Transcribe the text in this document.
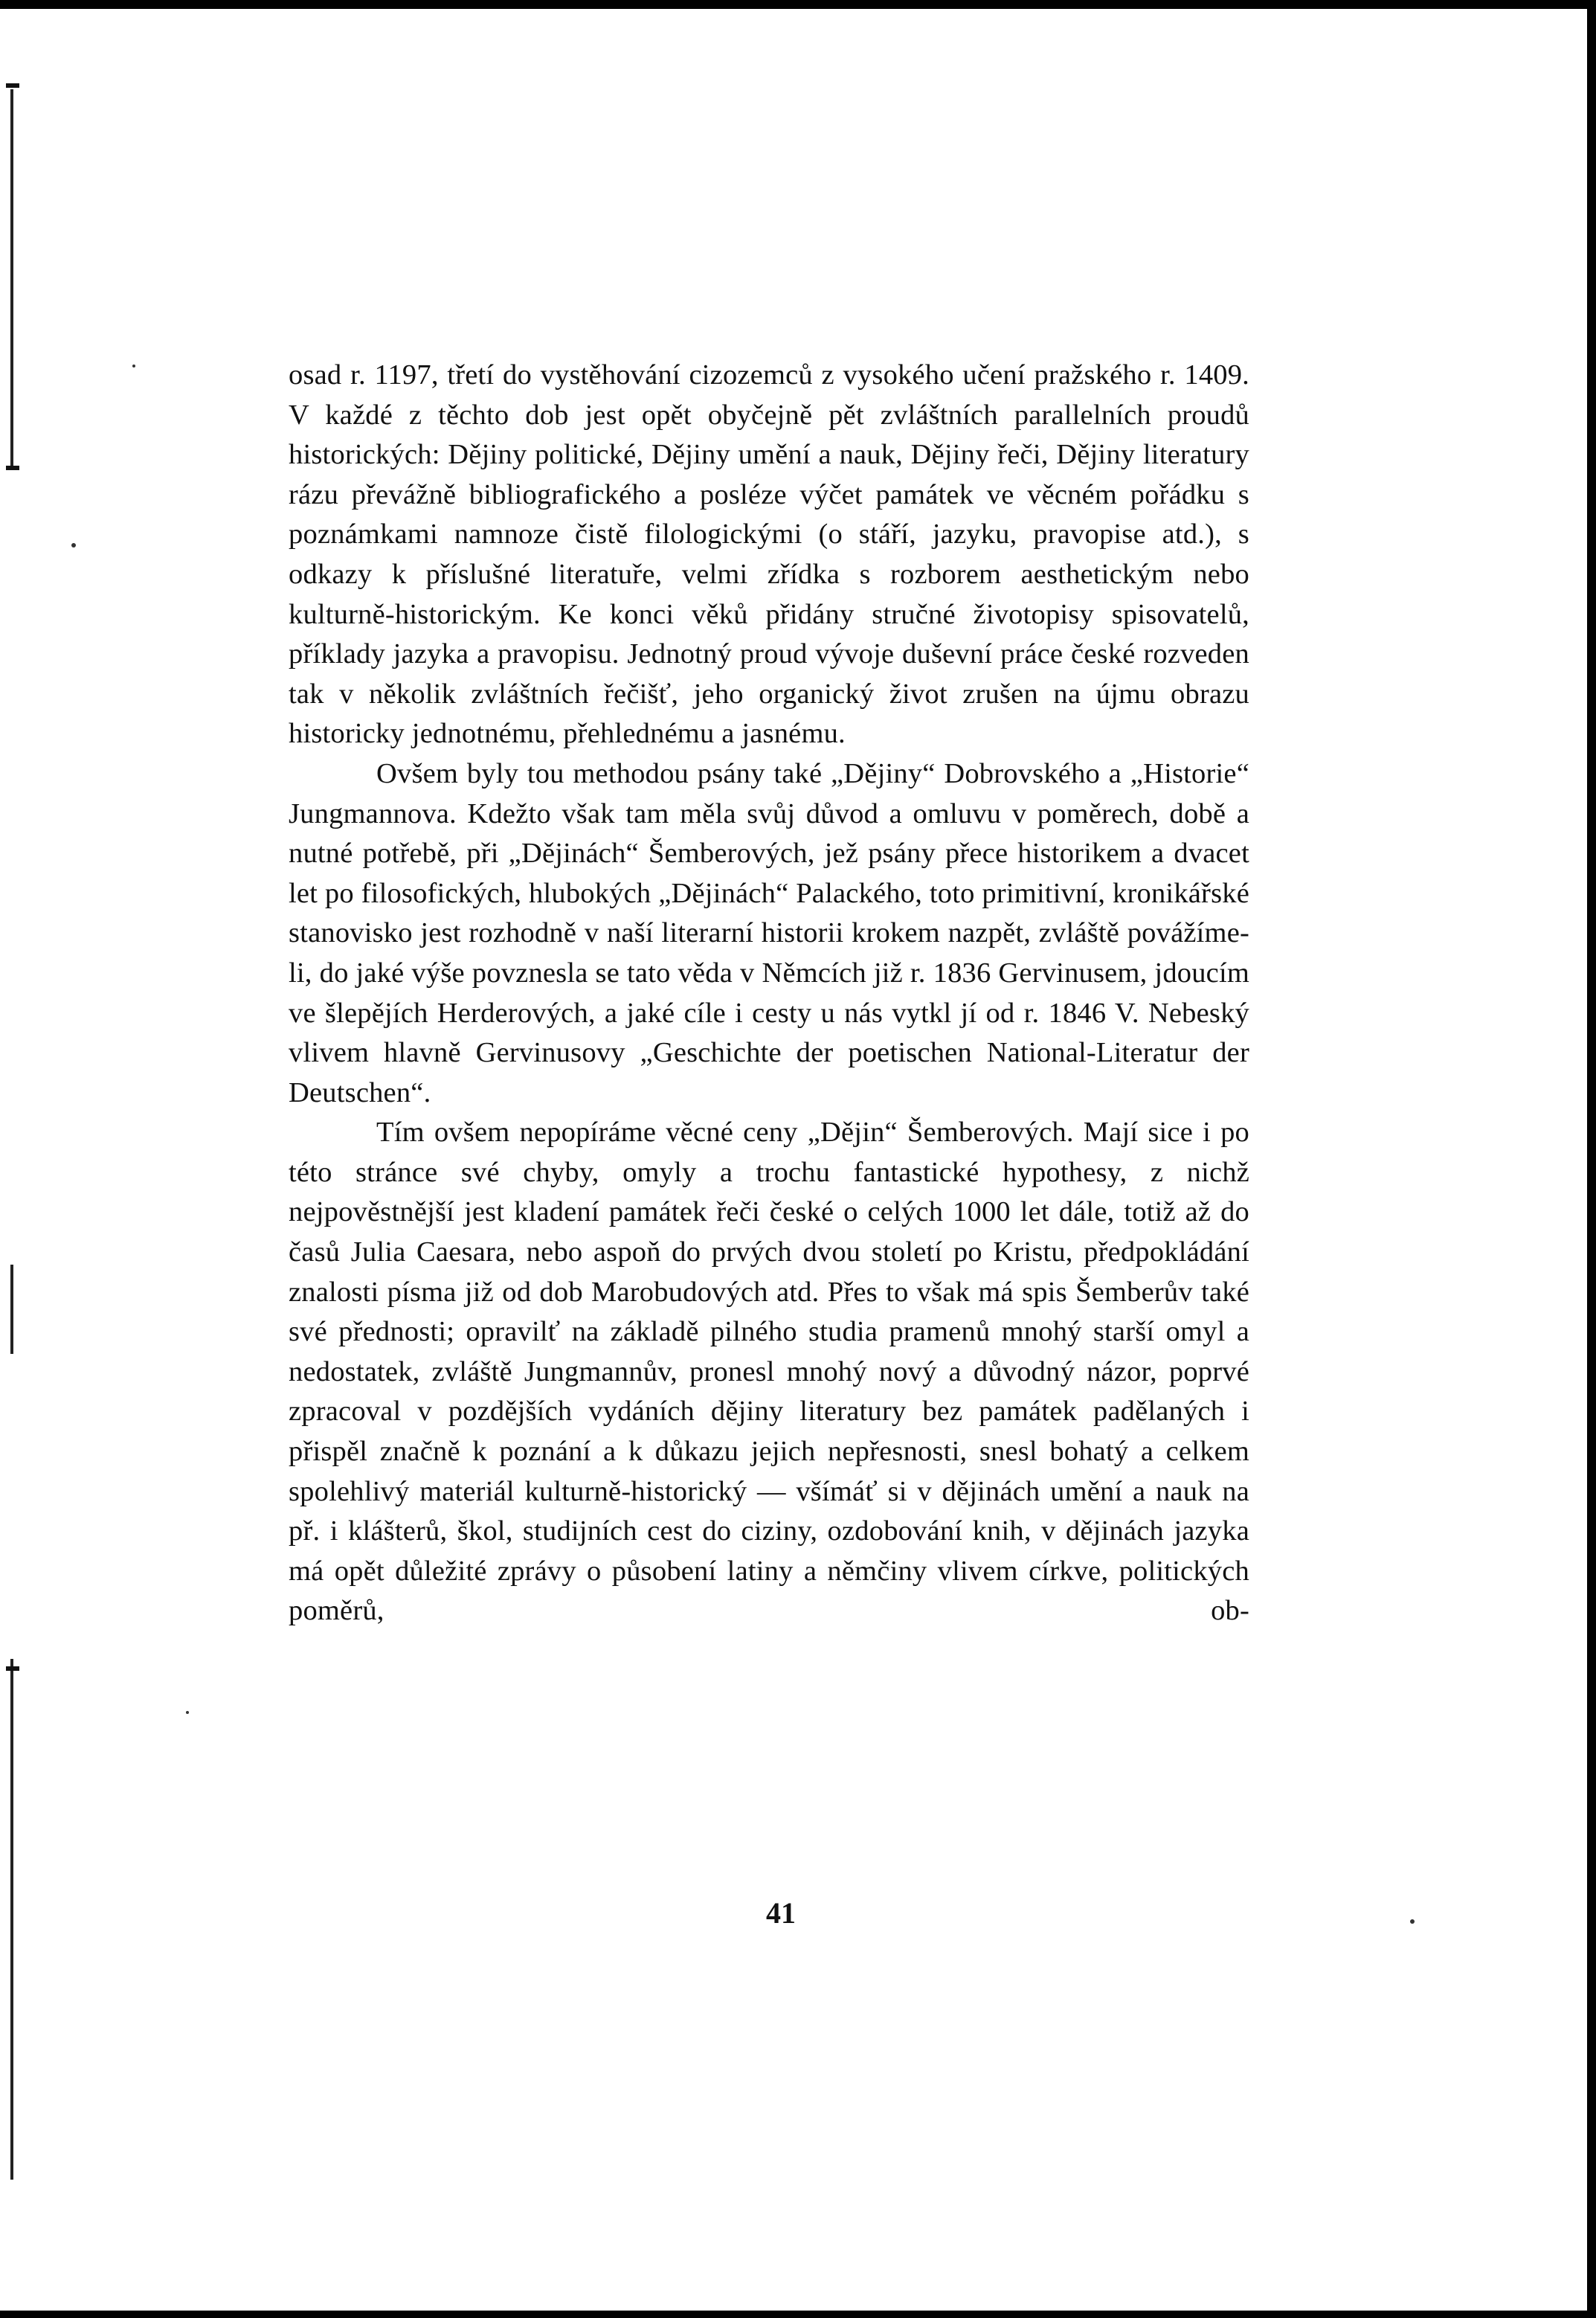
osad r. 1197, třetí do vystěhování cizozemců z vysokého učení pražského r. 1409. V každé z těchto dob jest opět obyčejně pět zvláštních parallelních proudů historických: Dějiny politické, Dějiny umění a nauk, Dějiny řeči, Dějiny literatury rázu převážně bibliografického a posléze výčet památek ve věcném pořádku s poznámkami namnoze čistě filologickými (o stáří, jazyku, pravopise atd.), s odkazy k příslušné literatuře, velmi zřídka s rozborem aesthetickým nebo kulturně-historickým. Ke konci věků přidány stručné životopisy spisovatelů, příklady jazyka a pravopisu. Jednotný proud vývoje duševní práce české rozveden tak v několik zvláštních řečišť, jeho organický život zrušen na újmu obrazu historicky jednotnému, přehlednému a jasnému.

Ovšem byly tou methodou psány také „Dějiny“ Dobrovského a „Historie“ Jungmannova. Kdežto však tam měla svůj důvod a omluvu v poměrech, době a nutné potřebě, při „Dějinách“ Šemberových, jež psány přece historikem a dvacet let po filosofických, hlubokých „Dějinách“ Palackého, toto primitivní, kronikářské stanovisko jest rozhodně v naší literarní historii krokem nazpět, zvláště povážíme-li, do jaké výše povznesla se tato věda v Němcích již r. 1836 Gervinusem, jdoucím ve šlepějích Herderových, a jaké cíle i cesty u nás vytkl jí od r. 1846 V. Nebeský vlivem hlavně Gervinusovy „Geschichte der poetischen National-Literatur der Deutschen“.

Tím ovšem nepopíráme věcné ceny „Dějin“ Šemberových. Mají sice i po této stránce své chyby, omyly a trochu fantastické hypothesy, z nichž nejpověstnější jest kladení památek řeči české o celých 1000 let dále, totiž až do časů Julia Caesara, nebo aspoň do prvých dvou století po Kristu, předpokládání znalosti písma již od dob Marobudových atd. Přes to však má spis Šemberův také své přednosti; opravilť na základě pilného studia pramenů mnohý starší omyl a nedostatek, zvláště Jungmannův, pronesl mnohý nový a důvodný názor, poprvé zpracoval v pozdějších vydáních dějiny literatury bez památek padělaných i přispěl značně k poznání a k důkazu jejich nepřesnosti, snesl bohatý a celkem spolehlivý materiál kulturně-historický — všímáť si v dějinách umění a nauk na př. i klášterů, škol, studijních cest do ciziny, ozdobování knih, v dějinách jazyka má opět důležité zprávy o působení latiny a němčiny vlivem církve, politických poměrů, ob-

41
